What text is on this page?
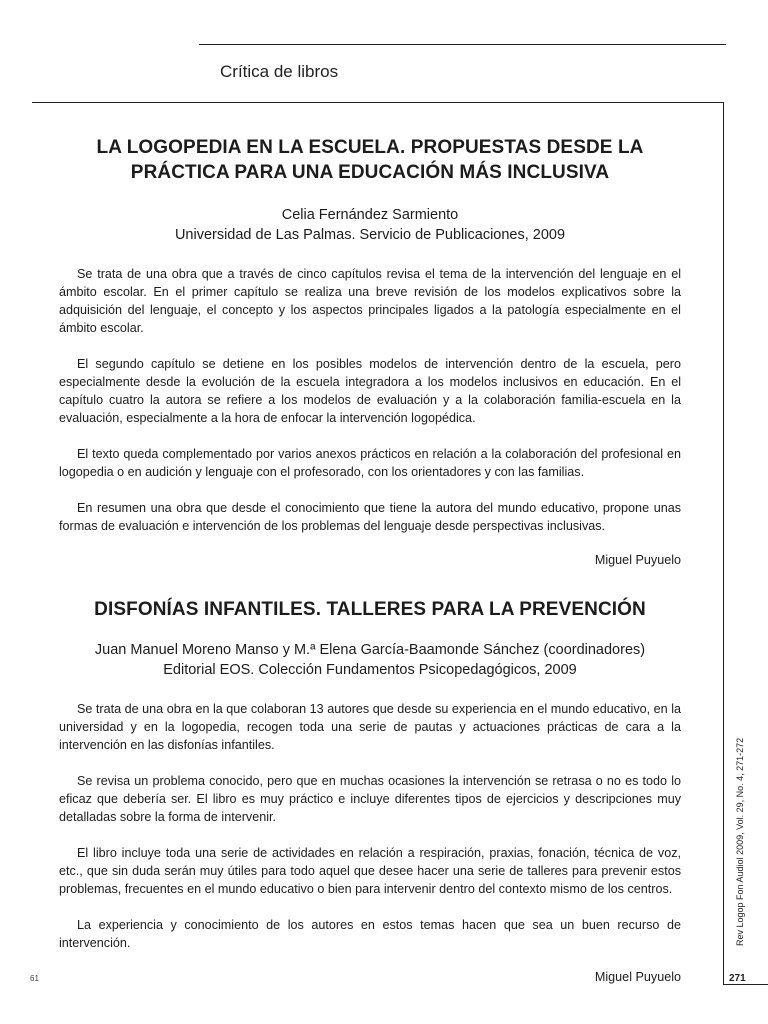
Crítica de libros
LA LOGOPEDIA EN LA ESCUELA. PROPUESTAS DESDE LA PRÁCTICA PARA UNA EDUCACIÓN MÁS INCLUSIVA
Celia Fernández Sarmiento
Universidad de Las Palmas. Servicio de Publicaciones, 2009

Se trata de una obra que a través de cinco capítulos revisa el tema de la intervención del lenguaje en el ámbito escolar. En el primer capítulo se realiza una breve revisión de los modelos explicativos sobre la adquisición del lenguaje, el concepto y los aspectos principales ligados a la patología especialmente en el ámbito escolar.

El segundo capítulo se detiene en los posibles modelos de intervención dentro de la escuela, pero especialmente desde la evolución de la escuela integradora a los modelos inclusivos en educación. En el capítulo cuatro la autora se refiere a los modelos de evaluación y a la colaboración familia-escuela en la evaluación, especialmente a la hora de enfocar la intervención logopédica.

El texto queda complementado por varios anexos prácticos en relación a la colaboración del profesional en logopedia o en audición y lenguaje con el profesorado, con los orientadores y con las familias.

En resumen una obra que desde el conocimiento que tiene la autora del mundo educativo, propone unas formas de evaluación e intervención de los problemas del lenguaje desde perspectivas inclusivas.

Miguel Puyuelo
DISFONÍAS INFANTILES. TALLERES PARA LA PREVENCIÓN
Juan Manuel Moreno Manso y M.ª Elena García-Baamonde Sánchez (coordinadores)
Editorial EOS. Colección Fundamentos Psicopedagógicos, 2009

Se trata de una obra en la que colaboran 13 autores que desde su experiencia en el mundo educativo, en la universidad y en la logopedia, recogen toda una serie de pautas y actuaciones prácticas de cara a la intervención en las disfonías infantiles.

Se revisa un problema conocido, pero que en muchas ocasiones la intervención se retrasa o no es todo lo eficaz que debería ser. El libro es muy práctico e incluye diferentes tipos de ejercicios y descripciones muy detalladas sobre la forma de intervenir.

El libro incluye toda una serie de actividades en relación a respiración, praxias, fonación, técnica de voz, etc., que sin duda serán muy útiles para todo aquel que desee hacer una serie de talleres para prevenir estos problemas, frecuentes en el mundo educativo o bien para intervenir dentro del contexto mismo de los centros.

La experiencia y conocimiento de los autores en estos temas hacen que sea un buen recurso de intervención.

Miguel Puyuelo
Rev Logop Fon Audiol 2009, Vol. 29, No. 4, 271-272
271
61
